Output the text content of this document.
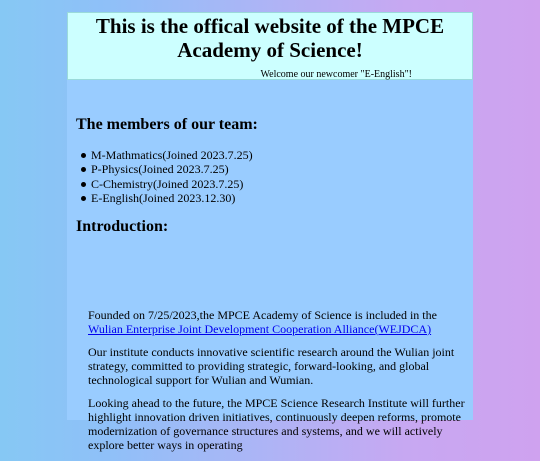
This is the offical website of the MPCE Academy of Science!
Welcome our newcomer "E-English"!
The members of our team:
M-Mathmatics(Joined 2023.7.25)
P-Physics(Joined 2023.7.25)
C-Chemistry(Joined 2023.7.25)
E-English(Joined 2023.12.30)
Introduction:

Founded on 7/25/2023,the MPCE Academy of Science is included in the Wulian Enterprise Joint Development Cooperation Alliance(WEJDCA)

Our institute conducts innovative scientific research around the Wulian joint strategy, committed to providing strategic, forward-looking, and global technological support for Wulian and Wumian.

Looking ahead to the future, the MPCE Science Research Institute will further highlight innovation driven initiatives, continuously deepen reforms, promote modernization of governance structures and systems, and we will actively explore better ways in operating
